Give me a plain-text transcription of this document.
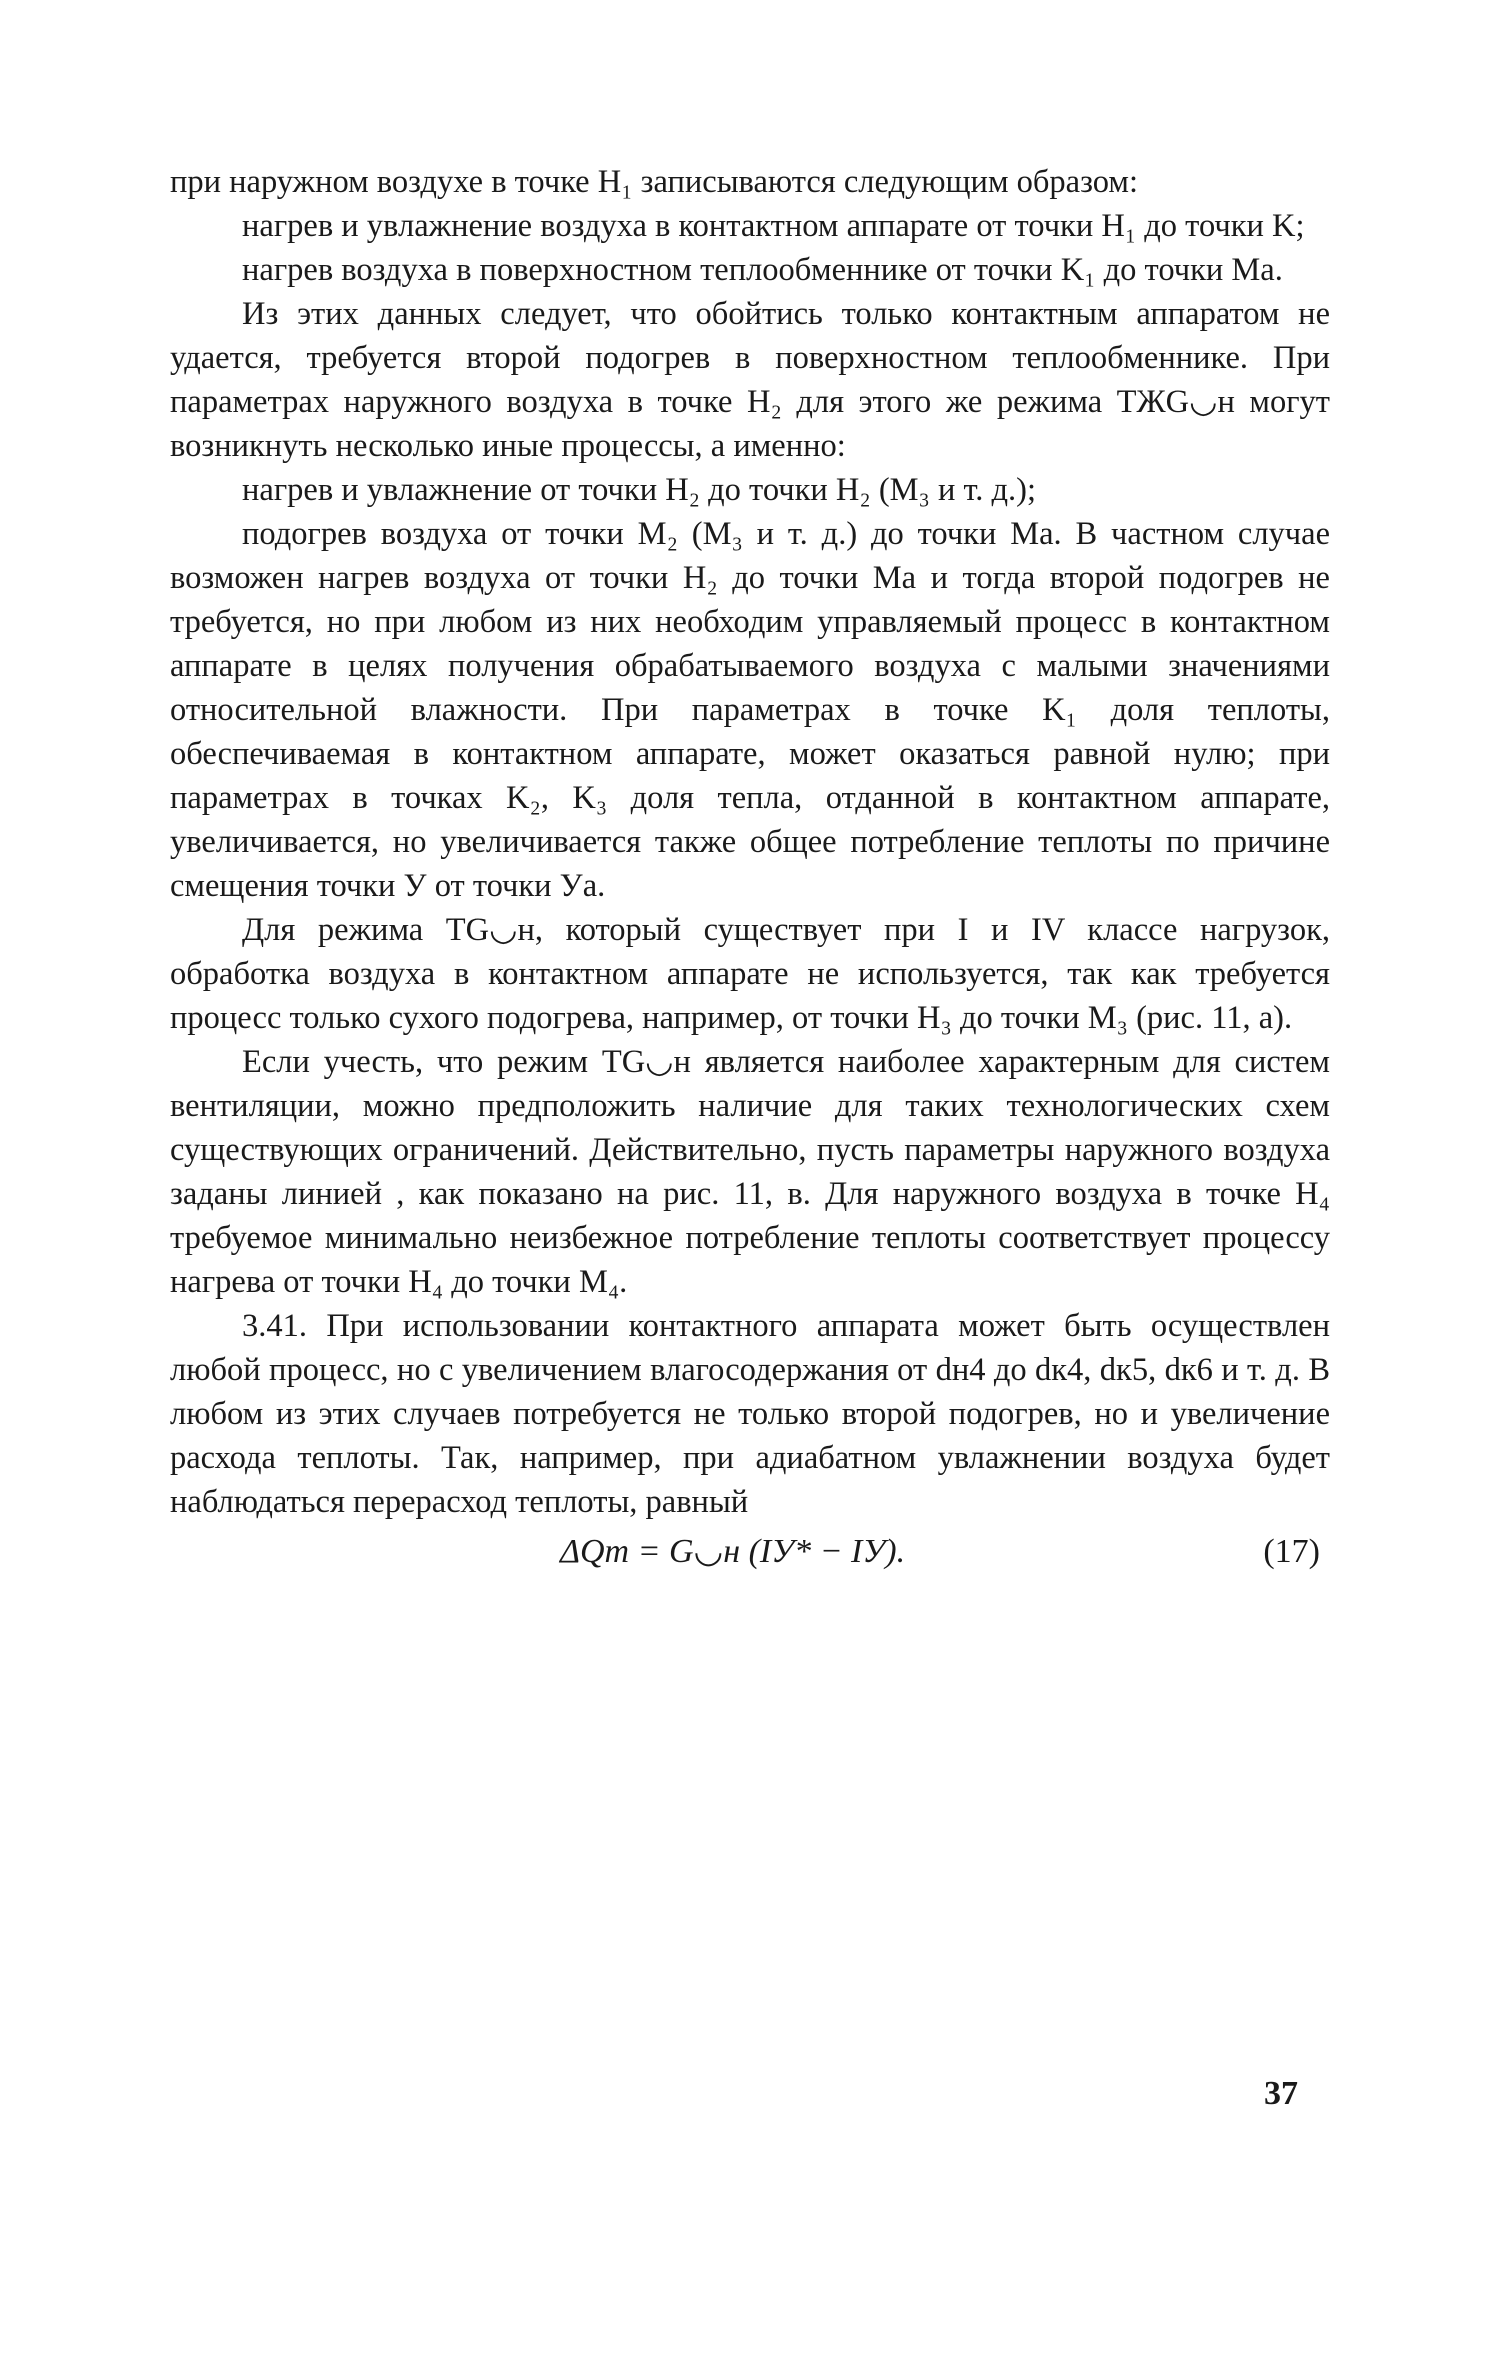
при наружном воздухе в точке H₁ записываются следующим образом:

нагрев и увлажнение воздуха в контактном аппарате от точки H₁ до точки K;

нагрев воздуха в поверхностном теплообменнике от точки K₁ до точки Mа.

Из этих данных следует, что обойтись только контактным аппаратом не удается, требуется второй подогрев в поверхностном теплообменнике. При параметрах наружного воздуха в точке H₂ для этого же режима ТЖG◡н могут возникнуть несколько иные процессы, а именно:

нагрев и увлажнение от точки H₂ до точки H₂ (M₃ и т. д.);

подогрев воздуха от точки M₂ (M₃ и т. д.) до точки Mа. В частном случае возможен нагрев воздуха от точки H₂ до точки Mа и тогда второй подогрев не требуется, но при любом из них необходим управляемый процесс в контактном аппарате в целях получения обрабатываемого воздуха с малыми значениями относительной влажности. При параметрах в точке K₁ доля теплоты, обеспечиваемая в контактном аппарате, может оказаться равной нулю; при параметрах в точках K₂, K₃ доля тепла, отданной в контактном аппарате, увеличивается, но увеличивается также общее потребление теплоты по причине смещения точки У от точки Уа.

Для режима ТG◡н, который существует при I и IV классе нагрузок, обработка воздуха в контактном аппарате не используется, так как требуется процесс только сухого подогрева, например, от точки H₃ до точки M₃ (рис. 11, а).

Если учесть, что режим ТG◡н является наиболее характерным для систем вентиляции, можно предположить наличие для таких технологических схем существующих ограничений. Действительно, пусть параметры наружного воздуха заданы линией , как показано на рис. 11, в. Для наружного воздуха в точке H₄ требуемое минимально неизбежное потребление теплоты соответствует процессу нагрева от точки H₄ до точки M₄.

3.41. При использовании контактного аппарата может быть осуществлен любой процесс, но с увеличением влагосодержания от dн4 до dк4, dк5, dк6 и т. д. В любом из этих случаев потребуется не только второй подогрев, но и увеличение расхода теплоты. Так, например, при адиабатном увлажнении воздуха будет наблюдаться перерасход теплоты, равный

ΔQт = G◡н (IУ* − IУ).	(17)
37
